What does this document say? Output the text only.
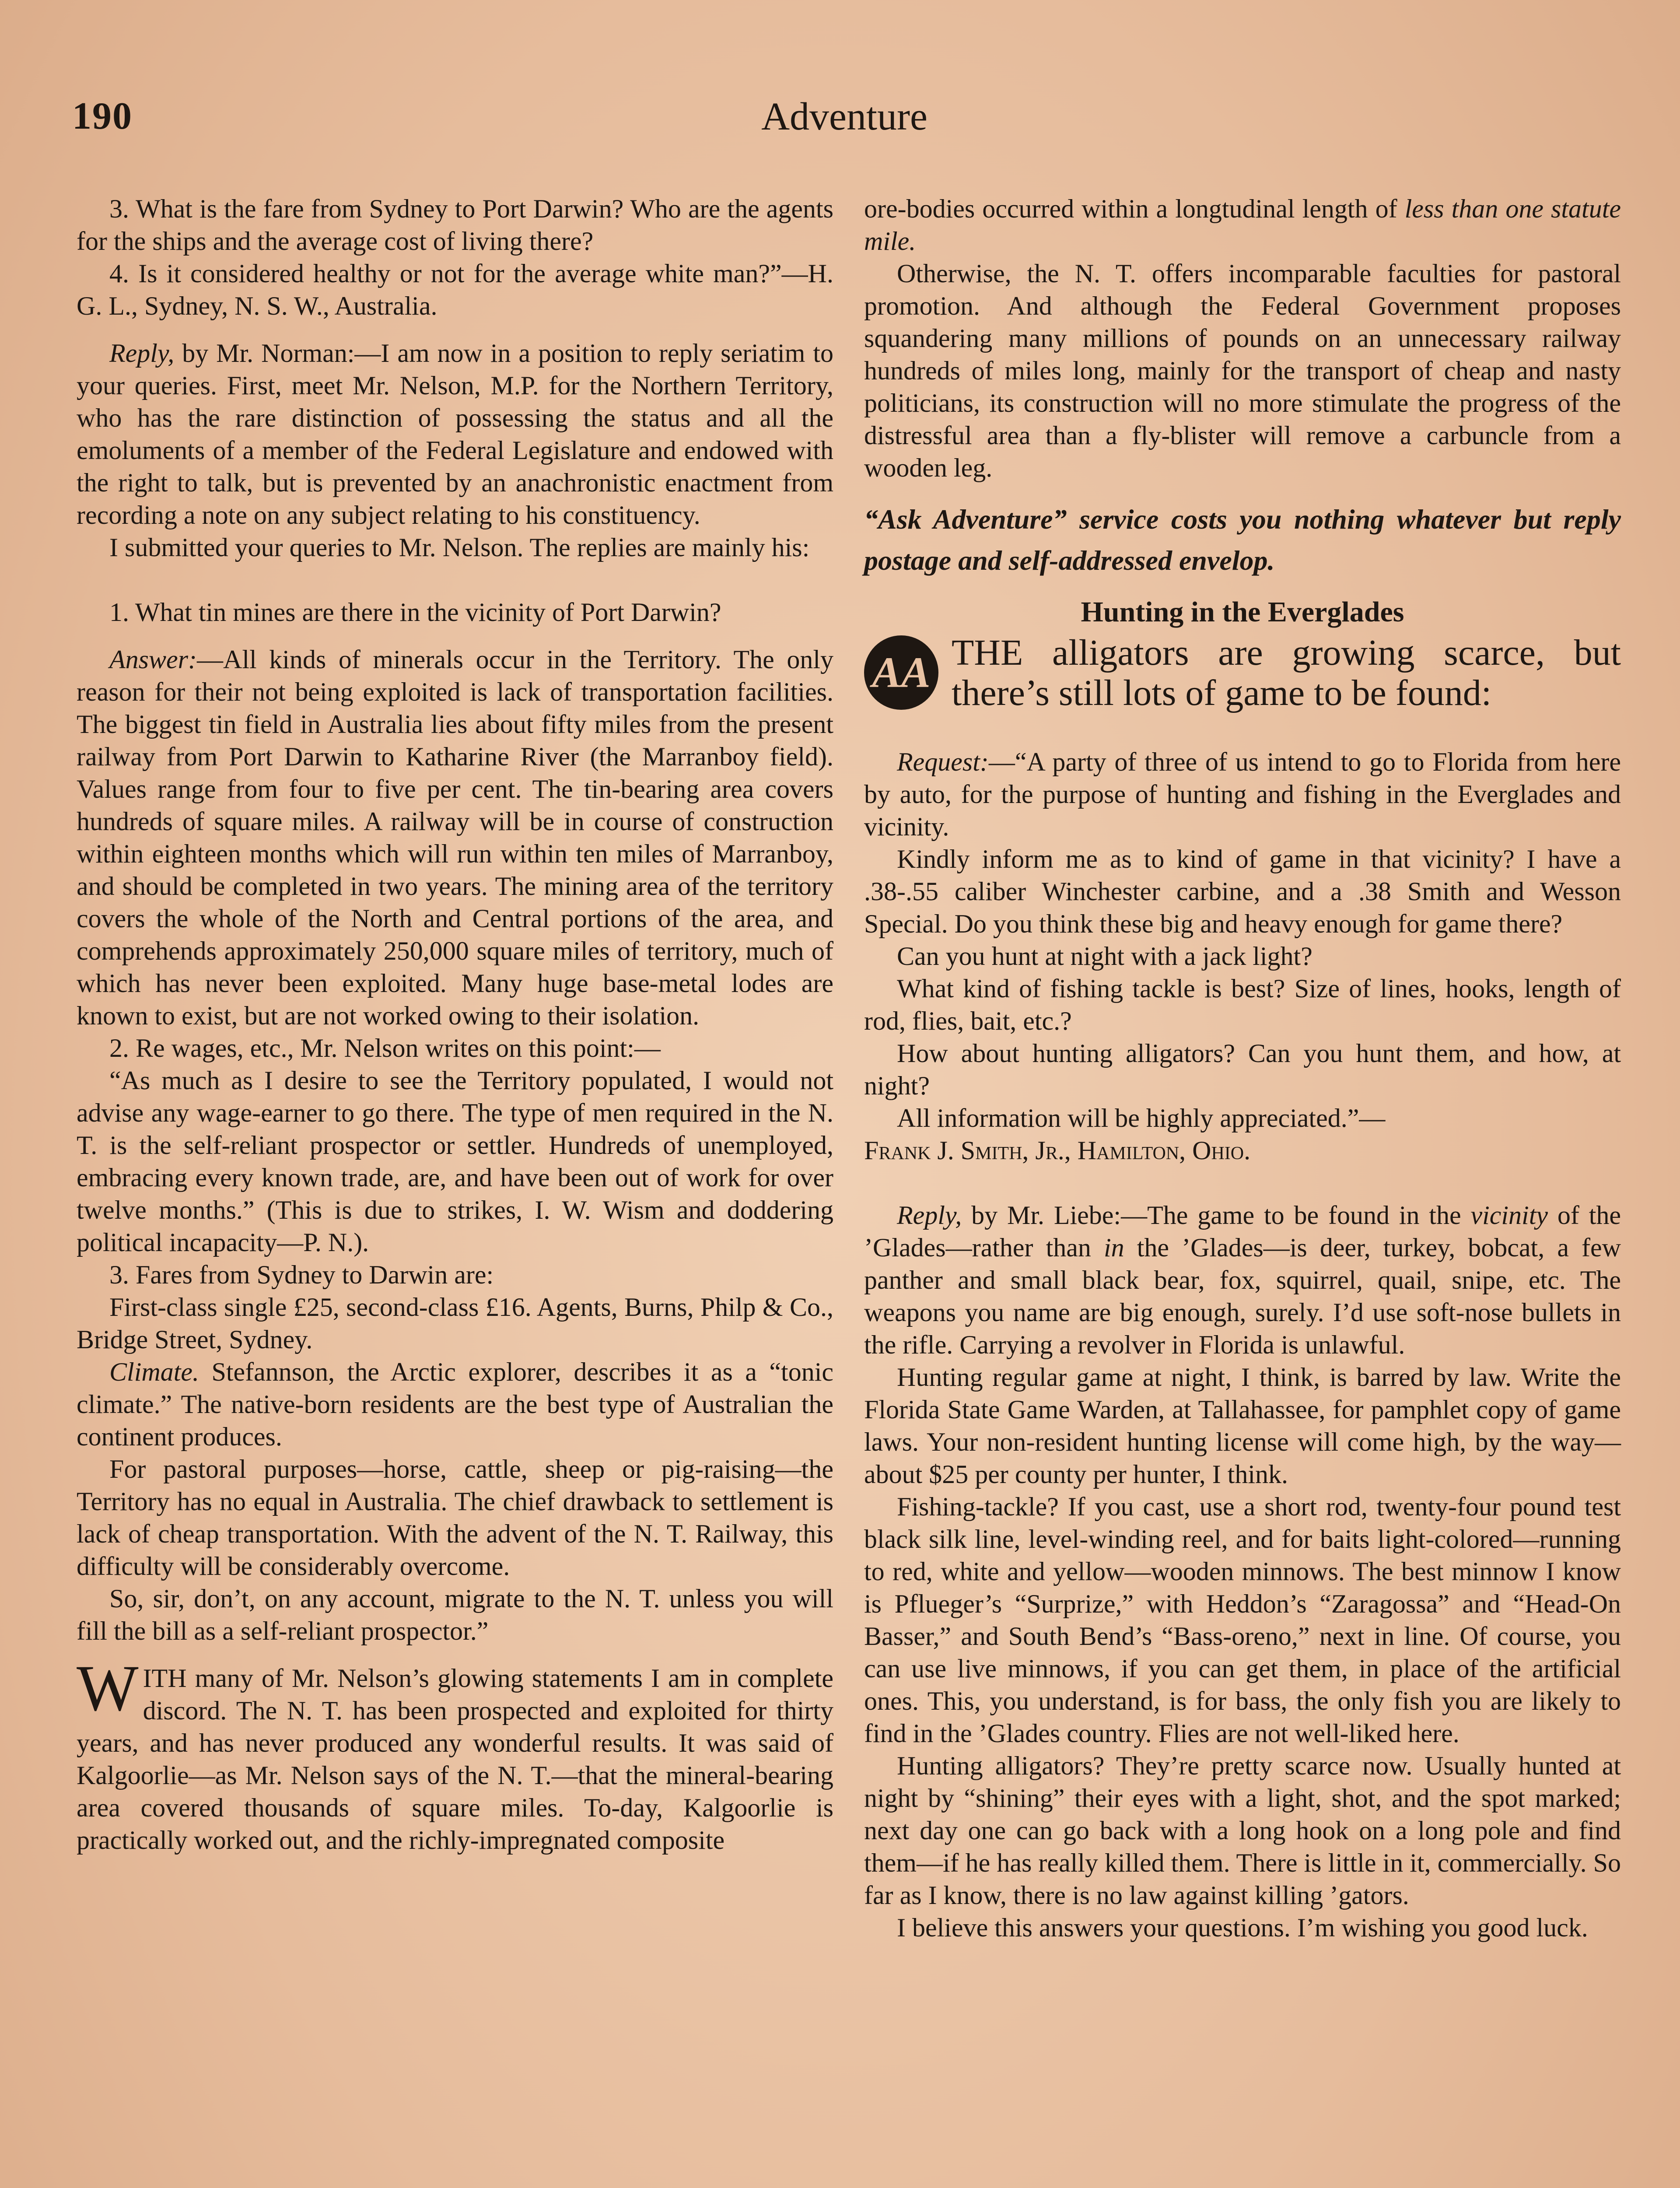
Adventure
190

3. What is the fare from Sydney to Port Darwin? Who are the agents for the ships and the average cost of living there?

4. Is it considered healthy or not for the average white man?”—H. G. L., Sydney, N. S. W., Australia.

Reply, by Mr. Norman:—I am now in a position to reply seriatim to your queries. First, meet Mr. Nelson, M.P. for the Northern Territory, who has the rare distinction of possessing the status and all the emoluments of a member of the Federal Legislature and endowed with the right to talk, but is prevented by an anachronistic enactment from recording a note on any subject relating to his constituency.

I submitted your queries to Mr. Nelson. The replies are mainly his:

1. What tin mines are there in the vicinity of Port Darwin?

Answer:—All kinds of minerals occur in the Territory. The only reason for their not being exploited is lack of transportation facilities. The biggest tin field in Australia lies about fifty miles from the present railway from Port Darwin to Katharine River (the Marranboy field). Values range from four to five per cent. The tin-bearing area covers hundreds of square miles. A railway will be in course of construction within eighteen months which will run within ten miles of Marranboy, and should be completed in two years. The mining area of the territory covers the whole of the North and Central portions of the area, and comprehends approximately 250,000 square miles of territory, much of which has never been exploited. Many huge base-metal lodes are known to exist, but are not worked owing to their isolation.

2. Re wages, etc., Mr. Nelson writes on this point:—

“As much as I desire to see the Territory populated, I would not advise any wage-earner to go there. The type of men required in the N. T. is the self-reliant prospector or settler. Hundreds of unemployed, embracing every known trade, are, and have been out of work for over twelve months.” (This is due to strikes, I. W. Wism and doddering political incapacity—P. N.).

3. Fares from Sydney to Darwin are:

First-class single £25, second-class £16. Agents, Burns, Philp & Co., Bridge Street, Sydney.

Climate. Stefannson, the Arctic explorer, describes it as a “tonic climate.” The native-born residents are the best type of Australian the continent produces.

For pastoral purposes—horse, cattle, sheep or pig-raising—the Territory has no equal in Australia. The chief drawback to settlement is lack of cheap transportation. With the advent of the N. T. Railway, this difficulty will be considerably overcome.

So, sir, don’t, on any account, migrate to the N. T. unless you will fill the bill as a self-reliant prospector.”

WITH many of Mr. Nelson’s glowing statements I am in complete discord. The N. T. has been prospected and exploited for thirty years, and has never produced any wonderful results. It was said of Kalgoorlie—as Mr. Nelson says of the N. T.—that the mineral-bearing area covered thousands of square miles. To-day, Kalgoorlie is practically worked out, and the richly-impregnated composite

ore-bodies occurred within a longtudinal length of less than one statute mile.

Otherwise, the N. T. offers incomparable faculties for pastoral promotion. And although the Federal Government proposes squandering many millions of pounds on an unnecessary railway hundreds of miles long, mainly for the transport of cheap and nasty politicians, its construction will no more stimulate the progress of the distressful area than a fly-blister will remove a carbuncle from a wooden leg.

“Ask Adventure” service costs you nothing whatever but reply postage and self-addressed envelop.

Hunting in the Everglades

AA THE alligators are growing scarce, but there’s still lots of game to be found:

Request:—“A party of three of us intend to go to Florida from here by auto, for the purpose of hunting and fishing in the Everglades and vicinity.

Kindly inform me as to kind of game in that vicinity? I have a .38-.55 caliber Winchester carbine, and a .38 Smith and Wesson Special. Do you think these big and heavy enough for game there?

Can you hunt at night with a jack light?

What kind of fishing tackle is best? Size of lines, hooks, length of rod, flies, bait, etc.?

How about hunting alligators? Can you hunt them, and how, at night?

All information will be highly appreciated.”—

Frank J. Smith, Jr., Hamilton, Ohio.

Reply, by Mr. Liebe:—The game to be found in the vicinity of the ’Glades—rather than in the ’Glades—is deer, turkey, bobcat, a few panther and small black bear, fox, squirrel, quail, snipe, etc. The weapons you name are big enough, surely. I’d use soft-nose bullets in the rifle. Carrying a revolver in Florida is unlawful.

Hunting regular game at night, I think, is barred by law. Write the Florida State Game Warden, at Tallahassee, for pamphlet copy of game laws. Your non-resident hunting license will come high, by the way—about $25 per county per hunter, I think.

Fishing-tackle? If you cast, use a short rod, twenty-four pound test black silk line, level-winding reel, and for baits light-colored—running to red, white and yellow—wooden minnows. The best minnow I know is Pflueger’s “Surprize,” with Heddon’s “Zaragossa” and “Head-On Basser,” and South Bend’s “Bass-oreno,” next in line. Of course, you can use live minnows, if you can get them, in place of the artificial ones. This, you understand, is for bass, the only fish you are likely to find in the ’Glades country. Flies are not well-liked here.

Hunting alligators? They’re pretty scarce now. Usually hunted at night by “shining” their eyes with a light, shot, and the spot marked; next day one can go back with a long hook on a long pole and find them—if he has really killed them. There is little in it, commercially. So far as I know, there is no law against killing ’gators.

I believe this answers your questions. I’m wishing you good luck.
